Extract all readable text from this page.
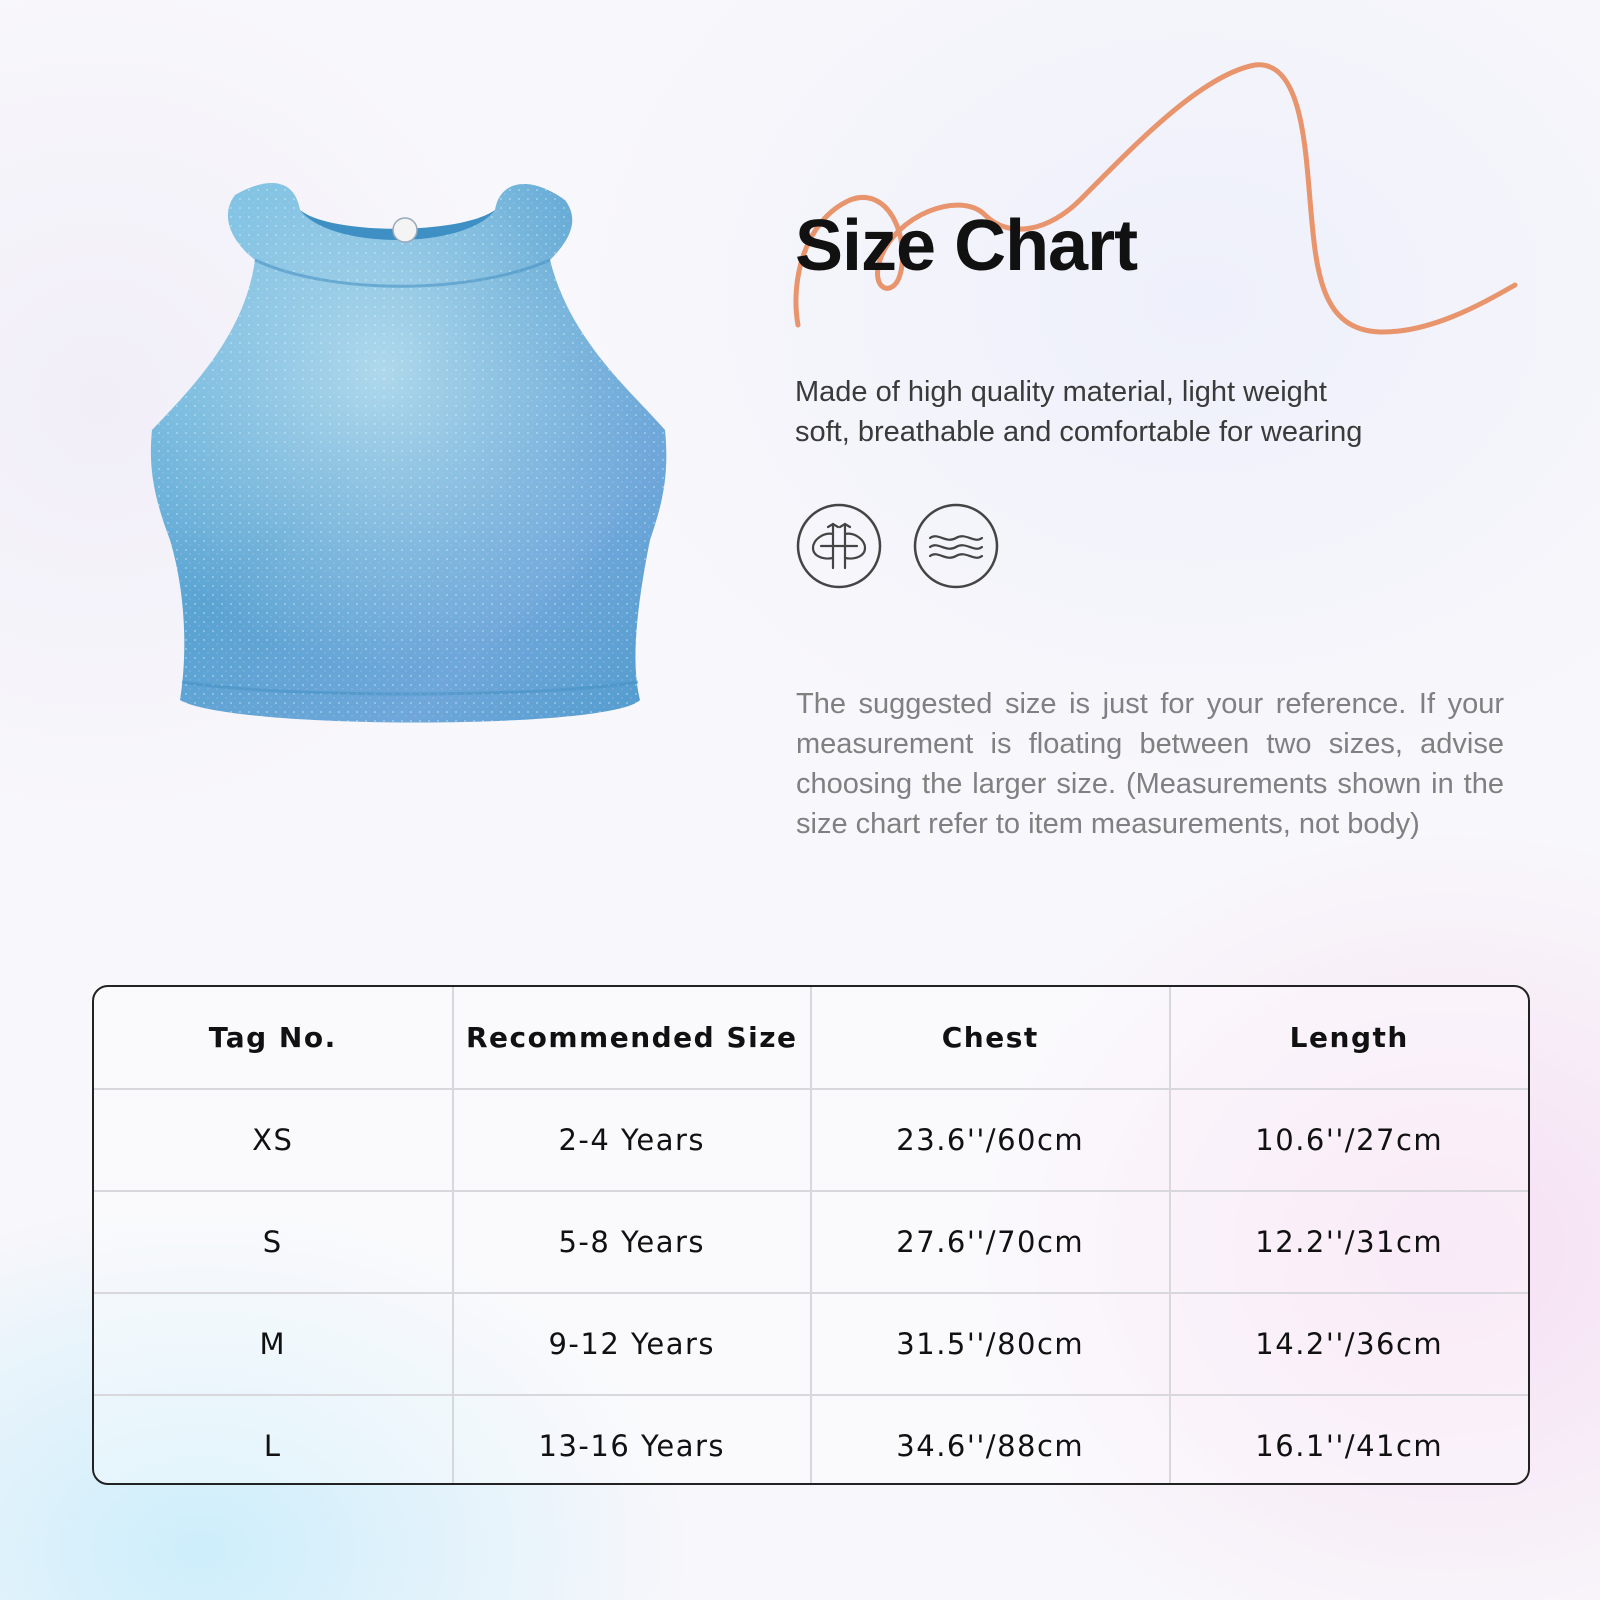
Size Chart
Made of high quality material, light weight
soft, breathable and comfortable for wearing

The suggested size is just for your reference. If your measurement is floating between two sizes, advise choosing the larger size. (Measurements shown in the size chart refer to item measurements, not body)

Tag No.	Recommended Size	Chest	Length
XS	2-4 Years	23.6''/60cm	10.6''/27cm
S	5-8 Years	27.6''/70cm	12.2''/31cm
M	9-12 Years	31.5''/80cm	14.2''/36cm
L	13-16 Years	34.6''/88cm	16.1''/41cm
